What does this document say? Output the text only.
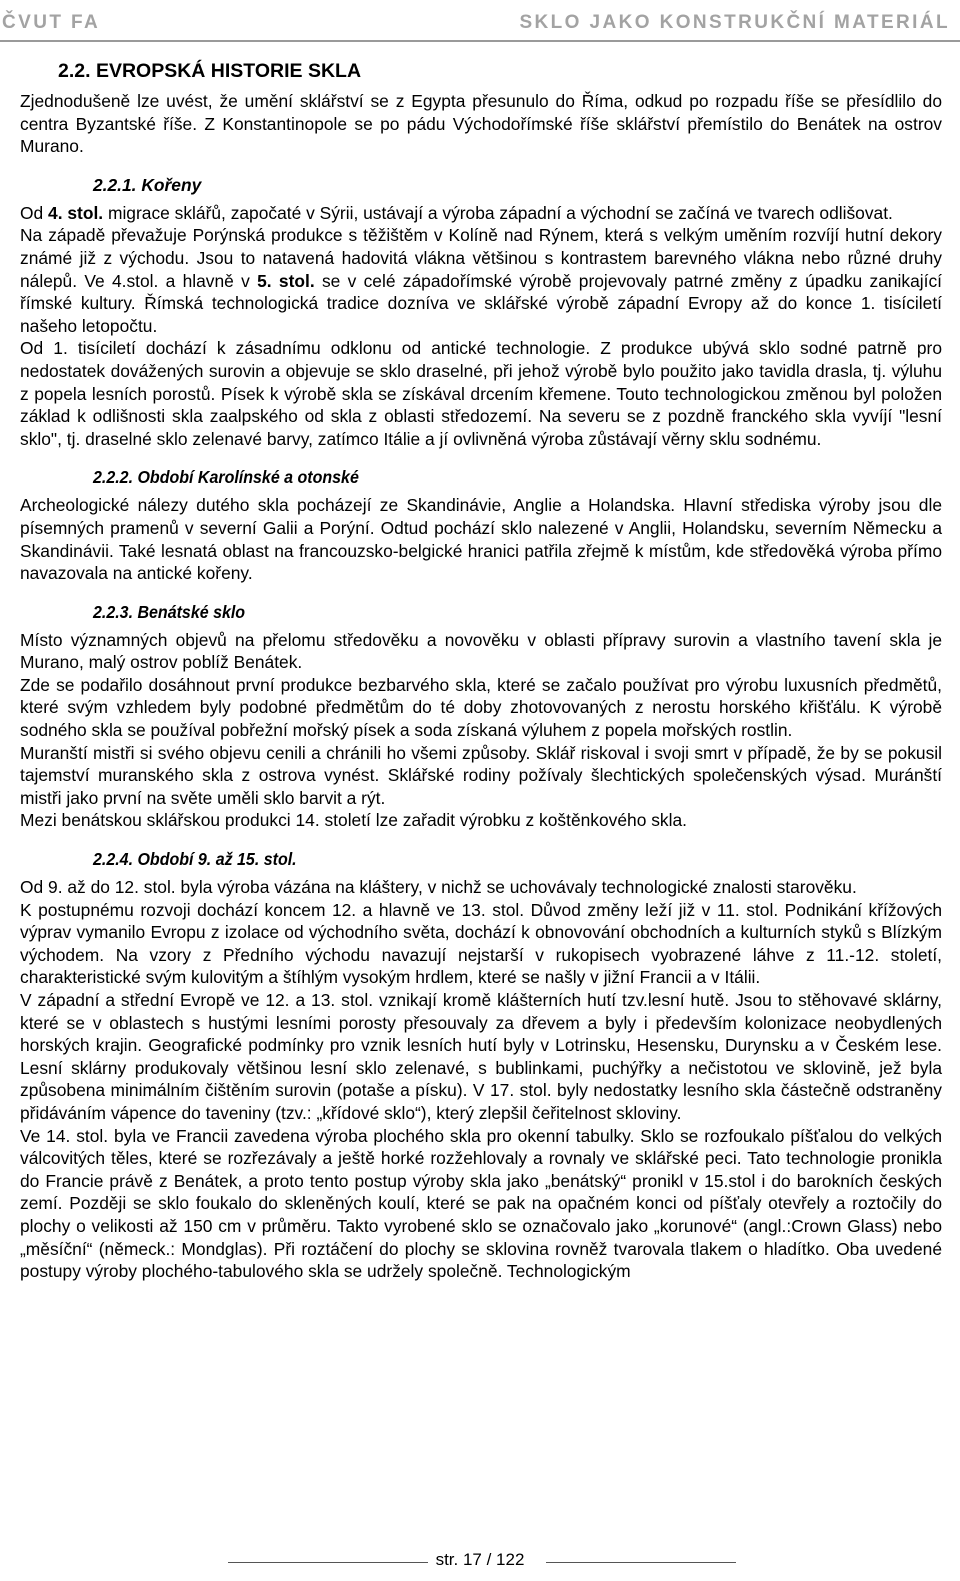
ČVUT FA	SKLO JAKO KONSTRUKČNÍ MATERIÁL
2.2. EVROPSKÁ HISTORIE SKLA

Zjednodušeně lze uvést, že umění sklářství se z Egypta přesunulo do Říma, odkud po rozpadu říše se přesídlilo do centra Byzantské říše. Z Konstantinopole se po pádu Východořímské říše sklářství přemístilo do Benátek na ostrov Murano.

2.2.1. Kořeny

Od 4. stol. migrace sklářů, započaté v Sýrii, ustávají a výroba západní a východní se začíná ve tvarech odlišovat.

Na západě převažuje Porýnská produkce s těžištěm v Kolíně nad Rýnem, která s velkým uměním rozvíjí hutní dekory známé již z východu. Jsou to natavená hadovitá vlákna většinou s kontrastem barevného vlákna nebo různé druhy nálepů. Ve 4.stol. a hlavně v 5. stol. se v celé západořímské výrobě projevovaly patrné změny z úpadku zanikající římské kultury. Římská technologická tradice dozníva ve sklářské výrobě západní Evropy až do konce 1. tisíciletí našeho letopočtu.

Od 1. tisíciletí dochází k zásadnímu odklonu od antické technologie. Z produkce ubývá sklo sodné patrně pro nedostatek dovážených surovin a objevuje se sklo draselné, při jehož výrobě bylo použito jako tavidla drasla, tj. výluhu z popela lesních porostů. Písek k výrobě skla se získával drcením křemene. Touto technologickou změnou byl položen základ k odlišnosti skla zaalpského od skla z oblasti středozemí. Na severu se z pozdně franckého skla vyvíjí "lesní sklo", tj. draselné sklo zelenavé barvy, zatímco Itálie a jí ovlivněná výroba zůstávají věrny sklu sodnému.

2.2.2. Období Karolínské a otonské

Archeologické nálezy dutého skla pocházejí ze Skandinávie, Anglie a Holandska. Hlavní střediska výroby jsou dle písemných pramenů v severní Galii a Porýní. Odtud pochází sklo nalezené v Anglii, Holandsku, severním Německu a Skandinávii. Také lesnatá oblast na francouzsko-belgické hranici patřila zřejmě k místům, kde středověká výroba přímo navazovala na antické kořeny.

2.2.3. Benátské sklo

Místo významných objevů na přelomu středověku a novověku v oblasti přípravy surovin a vlastního tavení skla je Murano, malý ostrov poblíž Benátek.

Zde se podařilo dosáhnout první produkce bezbarvého skla, které se začalo používat pro výrobu luxusních předmětů, které svým vzhledem byly podobné předmětům do té doby zhotovovaných z nerostu horského křišťálu. K výrobě sodného skla se používal pobřežní mořský písek a soda získaná výluhem z popela mořských rostlin.

Muranští mistři si svého objevu cenili a chránili ho všemi způsoby. Sklář riskoval i svoji smrt v případě, že by se pokusil tajemství muranského skla z ostrova vynést. Sklářské rodiny požívaly šlechtických společenských výsad. Muránští mistři jako první na světe uměli sklo barvit a rýt.

Mezi benátskou sklářskou produkci 14. století lze zařadit výrobku z koštěnkového skla.

2.2.4. Období 9. až 15. stol.

Od 9. až do 12. stol. byla výroba vázána na kláštery, v nichž se uchovávaly technologické znalosti starověku.

K postupnému rozvoji dochází koncem 12. a hlavně ve 13. stol. Důvod změny leží již v 11. stol. Podnikání křížových výprav vymanilo Evropu z izolace od východního světa, dochází k obnovování obchodních a kulturních styků s Blízkým východem. Na vzory z Předního východu navazují nejstarší v rukopisech vyobrazené láhve z 11.-12. století, charakteristické svým kulovitým a štíhlým vysokým hrdlem, které se našly v jižní Francii a v Itálii.

V západní a střední Evropě ve 12. a 13. stol. vznikají kromě klášterních hutí tzv.lesní hutě. Jsou to stěhovavé sklárny, které se v oblastech s hustými lesními porosty přesouvaly za dřevem a byly i především kolonizace neobydlených horských krajin. Geografické podmínky pro vznik lesních hutí byly v Lotrinsku, Hesensku, Durynsku a v Českém lese. Lesní sklárny produkovaly většinou lesní sklo zelenavé, s bublinkami, puchýřky a nečistotou ve sklovině, jež byla způsobena minimálním čištěním surovin (potaše a písku). V 17. stol. byly nedostatky lesního skla částečně odstraněny přidáváním vápence do taveniny (tzv.: „křídové sklo“), který zlepšil čeřitelnost skloviny.

Ve 14. stol. byla ve Francii zavedena výroba plochého skla pro okenní tabulky. Sklo se rozfoukalo píšťalou do velkých válcovitých těles, které se rozřezávaly a ještě horké rozžehlovaly a rovnaly ve sklářské peci. Tato technologie pronikla do Francie právě z Benátek, a proto tento postup výroby skla jako „benátský“ pronikl v 15.stol i do barokních českých zemí. Později se sklo foukalo do skleněných koulí, které se pak na opačném konci od píšťaly otevřely a roztočily do plochy o velikosti až 150 cm v průměru. Takto vyrobené sklo se označovalo jako „korunové“ (angl.:Crown Glass) nebo „měsíční“ (německ.: Mondglas). Při roztáčení do plochy se sklovina rovněž tvarovala tlakem o hladítko. Oba uvedené postupy výroby plochého-tabulového skla se udržely společně. Technologickým

str. 17 / 122
